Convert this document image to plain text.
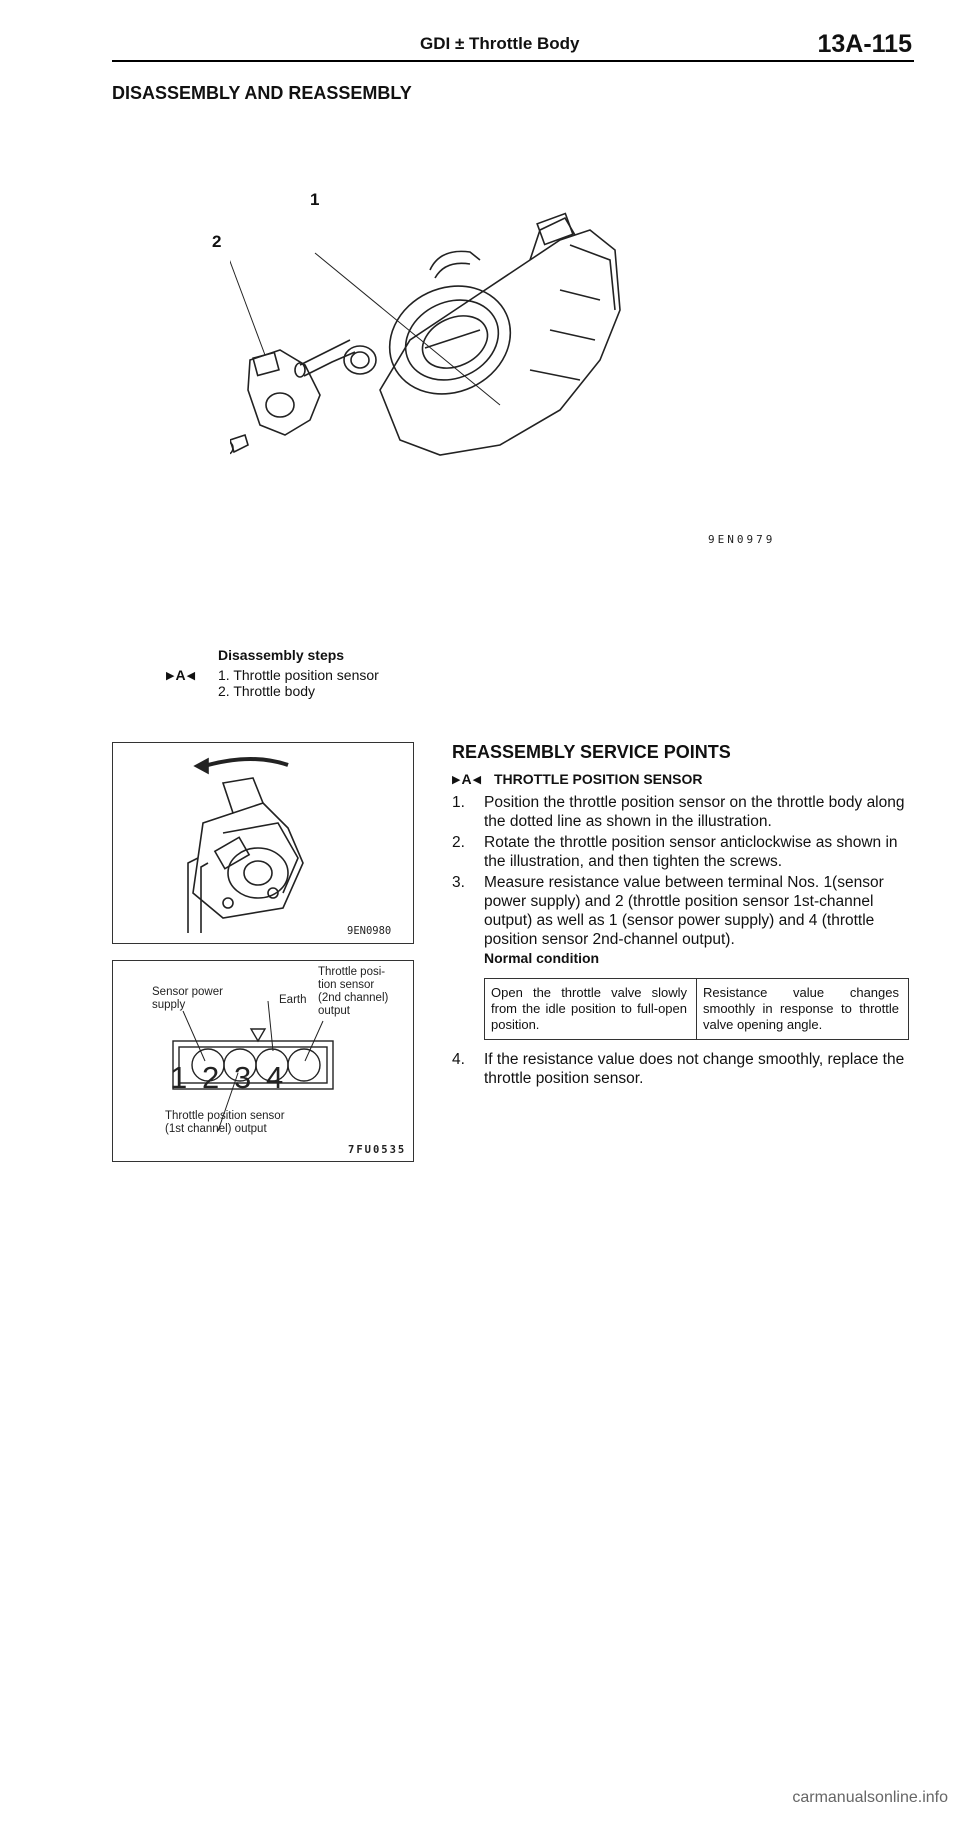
GDI ± Throttle Body	13A-115
DISASSEMBLY AND REASSEMBLY
1
2
9EN0979
Disassembly steps
▶ A ◀ 1. Throttle position sensor
2. Throttle body
9EN0980
1 2 3 4
Sensor power
supply	Earth
Throttle posi-
tion sensor
(2nd channel)
output
Throttle position sensor
(1st channel) output
7FU0535
REASSEMBLY SERVICE POINTS
▶ A ◀ THROTTLE POSITION SENSOR
1. Position the throttle position sensor on the throttle body along the dotted line as shown in the illustration.
2. Rotate the throttle position sensor anticlockwise as shown in the illustration, and then tighten the screws.
3. Measure resistance value between terminal Nos. 1(sensor power supply) and 2 (throttle position sensor 1st-channel output) as well as 1 (sensor power supply) and 4 (throttle position sensor 2nd-channel output).
Normal condition
Open the throttle valve slowly from the idle position to full-open position.	Resistance value changes smoothly in response to throttle valve opening angle.
4. If the resistance value does not change smoothly, replace the throttle position sensor.
carmanualsonline.info
